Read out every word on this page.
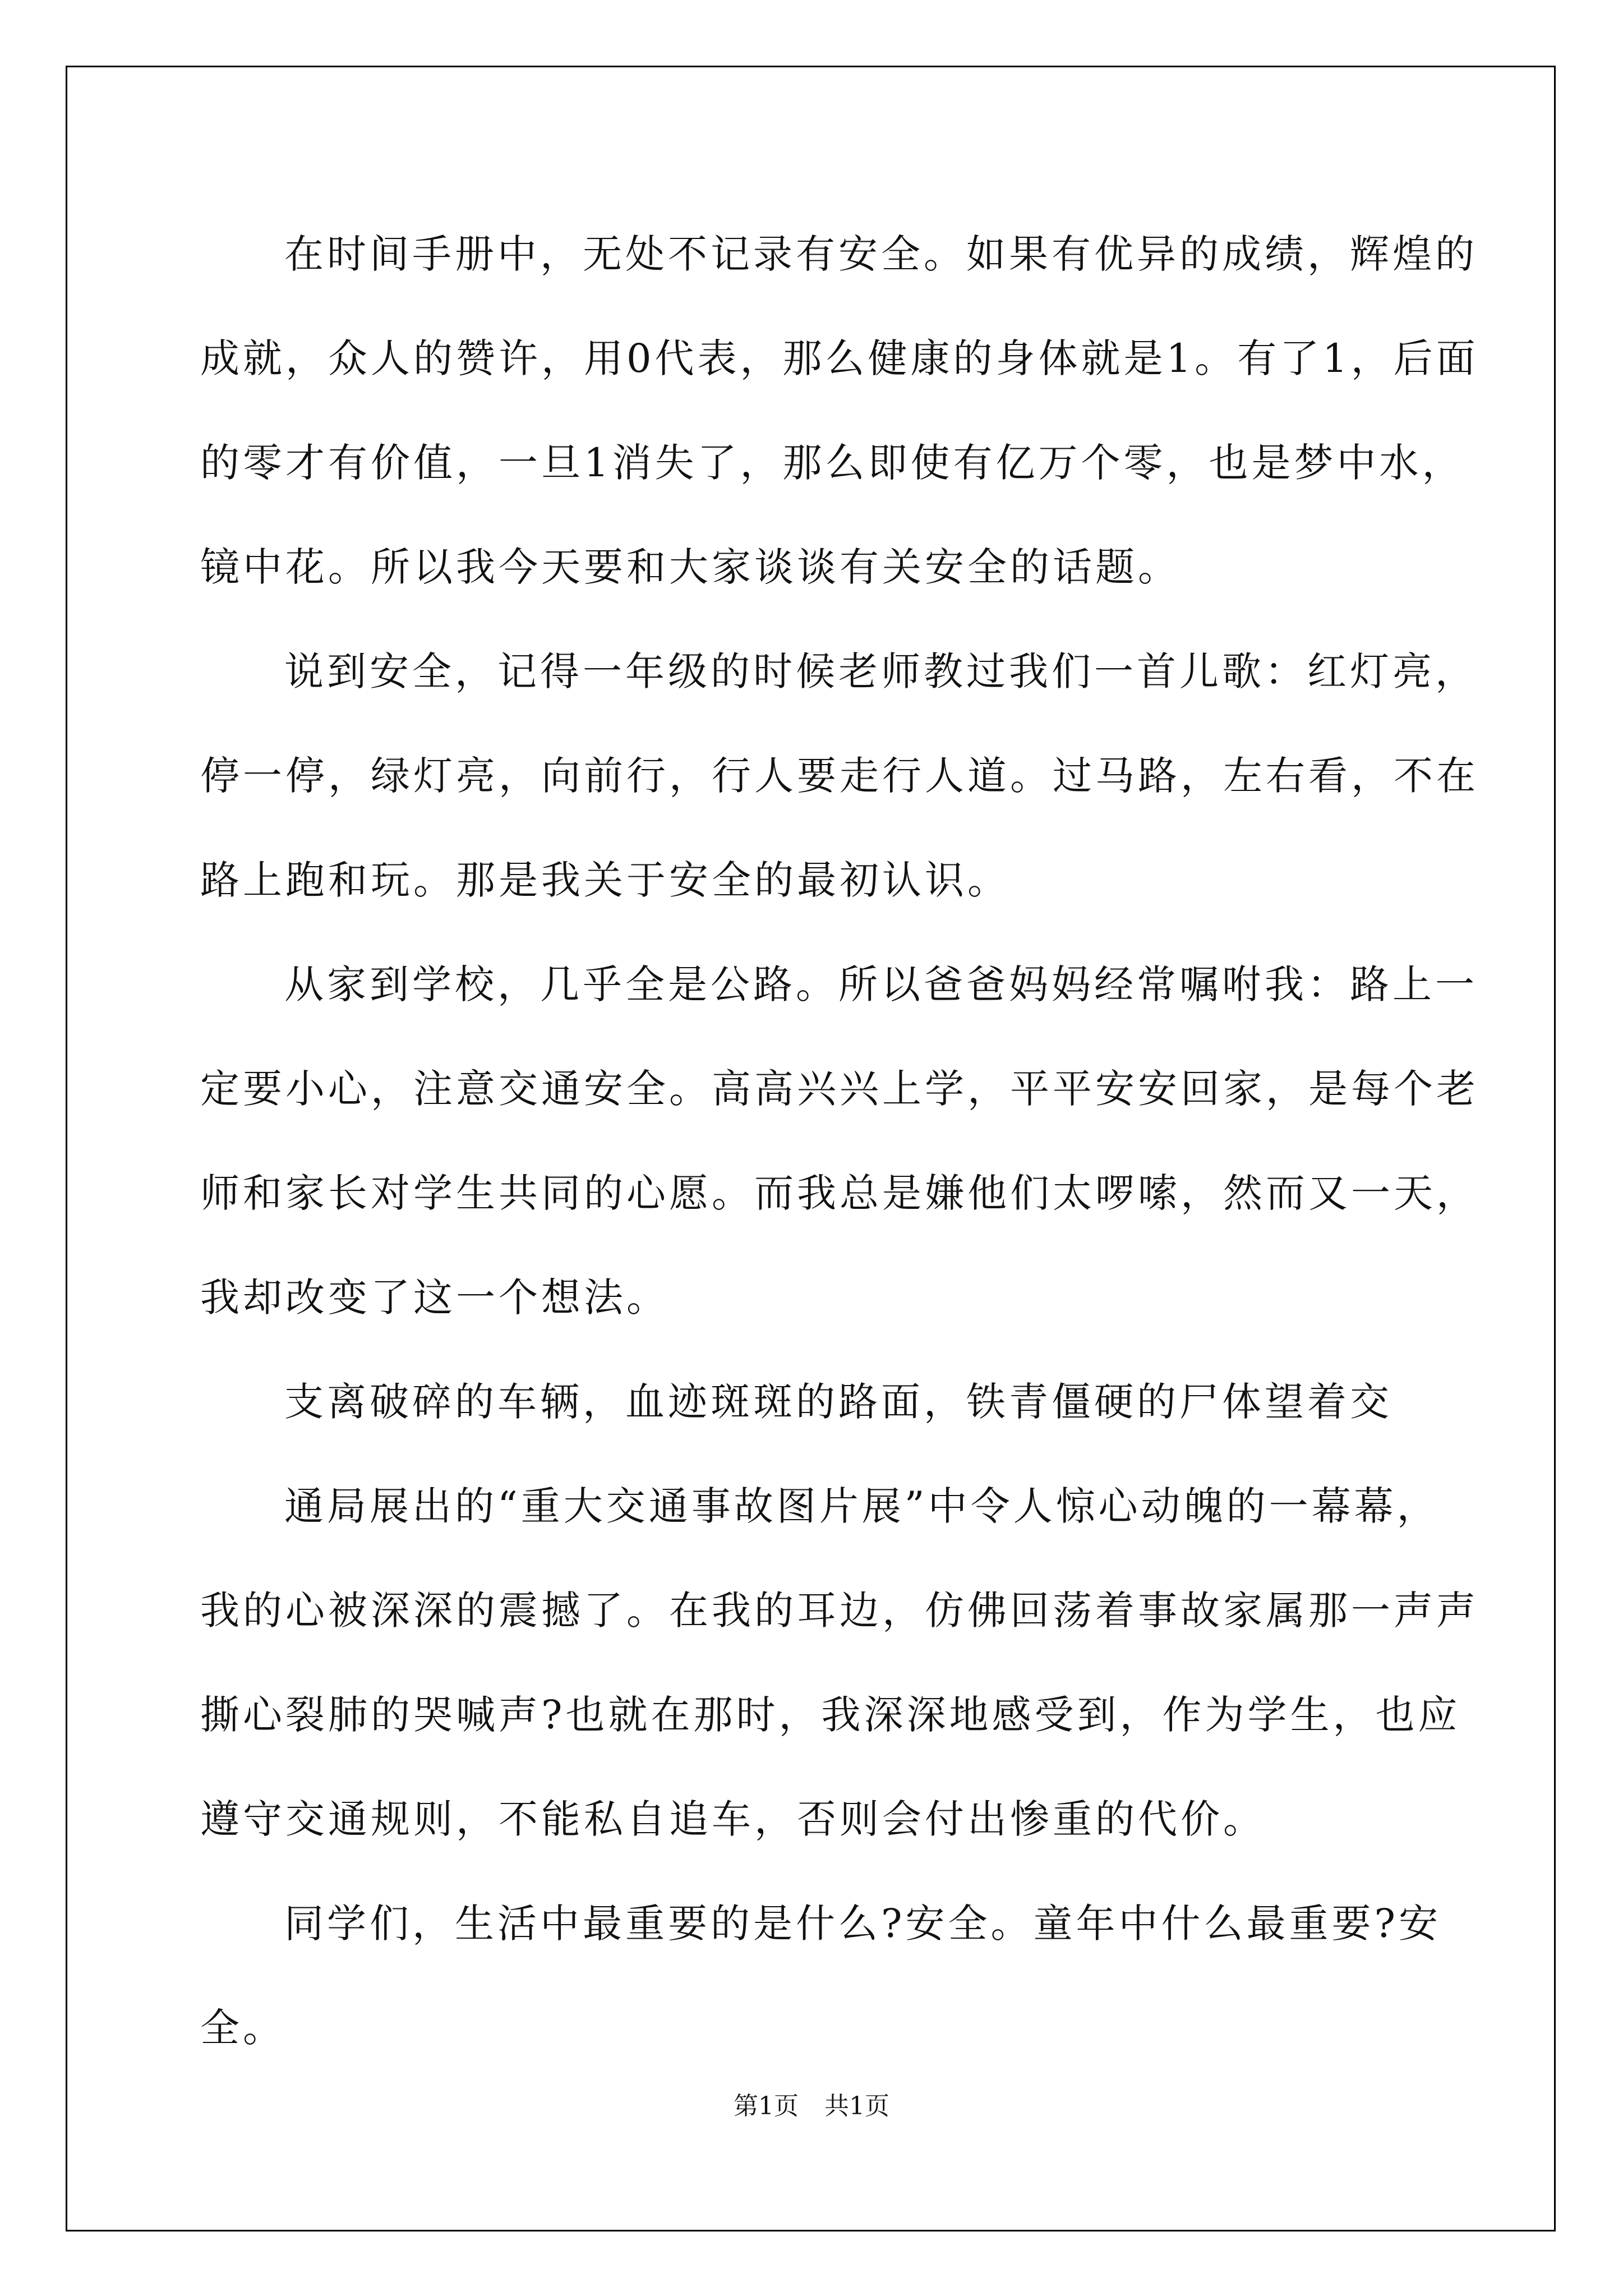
在时间手册中，无处不记录有安全。如果有优异的成绩，辉煌的成就，众人的赞许，用0代表，那么健康的身体就是1。有了1，后面的零才有价值，一旦1消失了，那么即使有亿万个零，也是梦中水，镜中花。所以我今天要和大家谈谈有关安全的话题。

说到安全，记得一年级的时候老师教过我们一首儿歌：红灯亮，停一停，绿灯亮，向前行，行人要走行人道。过马路，左右看，不在路上跑和玩。那是我关于安全的最初认识。

从家到学校，几乎全是公路。所以爸爸妈妈经常嘱咐我：路上一定要小心，注意交通安全。高高兴兴上学，平平安安回家，是每个老师和家长对学生共同的心愿。而我总是嫌他们太啰嗦，然而又一天，我却改变了这一个想法。

支离破碎的车辆，血迹斑斑的路面，铁青僵硬的尸体望着交

通局展出的“重大交通事故图片展”中令人惊心动魄的一幕幕，我的心被深深的震撼了。在我的耳边，仿佛回荡着事故家属那一声声撕心裂肺的哭喊声?也就在那时，我深深地感受到，作为学生，也应遵守交通规则，不能私自追车，否则会付出惨重的代价。

同学们，生活中最重要的是什么?安全。童年中什么最重要?安全。

第1页 共1页
